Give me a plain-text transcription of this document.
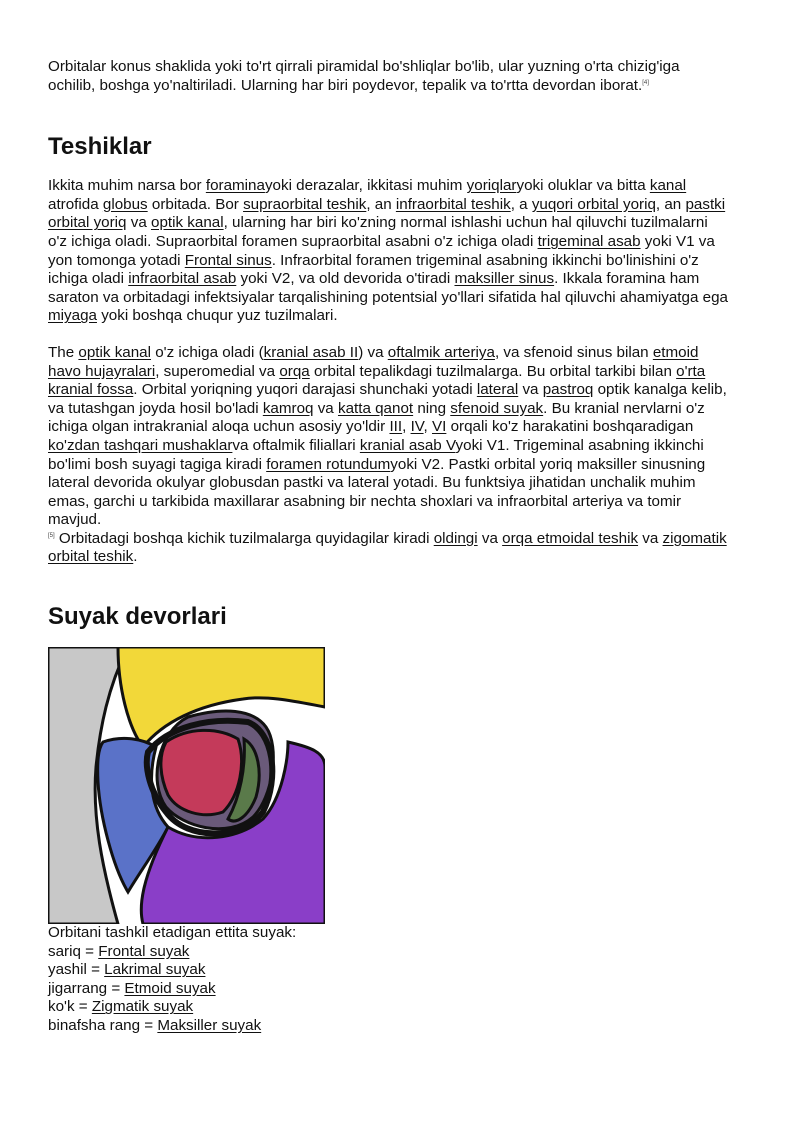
Orbitalar konus shaklida yoki to'rt qirrali piramidal bo'shliqlar bo'lib, ular yuzning o'rta chizig'iga ochilib, boshga yo'naltiriladi. Ularning har biri poydevor, tepalik va to'rtta devordan iborat.[4]

Teshiklar

Ikkita muhim narsa bor foraminayoki derazalar, ikkitasi muhim yoriqlaryoki oluklar va bitta kanal atrofida globus orbitada. Bor supraorbital teshik, an infraorbital teshik, a yuqori orbital yoriq, an pastki orbital yoriq va optik kanal, ularning har biri ko'zning normal ishlashi uchun hal qiluvchi tuzilmalarni o'z ichiga oladi. Supraorbital foramen supraorbital asabni o'z ichiga oladi trigeminal asab yoki V1 va yon tomonga yotadi Frontal sinus. Infraorbital foramen trigeminal asabning ikkinchi bo'linishini o'z ichiga oladi infraorbital asab yoki V2, va old devorida o'tiradi maksiller sinus. Ikkala foramina ham saraton va orbitadagi infektsiyalar tarqalishining potentsial yo'llari sifatida hal qiluvchi ahamiyatga ega miyaga yoki boshqa chuqur yuz tuzilmalari.

The optik kanal o'z ichiga oladi (kranial asab II) va oftalmik arteriya, va sfenoid sinus bilan etmoid havo hujayralari, superomedial va orqa orbital tepalikdagi tuzilmalarga. Bu orbital tarkibi bilan o'rta kranial fossa. Orbital yoriqning yuqori darajasi shunchaki yotadi lateral va pastroq optik kanalga kelib, va tutashgan joyda hosil bo'ladi kamroq va katta qanot ning sfenoid suyak. Bu kranial nervlarni o'z ichiga olgan intrakranial aloqa uchun asosiy yo'ldir III, IV, VI orqali ko'z harakatini boshqaradigan ko'zdan tashqari mushaklarva oftalmik filiallari kranial asab Vyoki V1. Trigeminal asabning ikkinchi bo'limi bosh suyagi tagiga kiradi foramen rotundumyoki V2. Pastki orbital yoriq maksiller sinusning lateral devorida okulyar globusdan pastki va lateral yotadi. Bu funktsiya jihatidan unchalik muhim emas, garchi u tarkibida maxillarar asabning bir nechta shoxlari va infraorbital arteriya va tomir mavjud.
[5] Orbitadagi boshqa kichik tuzilmalarga quyidagilar kiradi oldingi va orqa etmoidal teshik va zigomatik orbital teshik.

Suyak devorlari
Orbitani tashkil etadigan ettita suyak:
sariq = Frontal suyak
yashil = Lakrimal suyak
jigarrang = Etmoid suyak
ko'k = Zigmatik suyak
binafsha rang = Maksiller suyak
